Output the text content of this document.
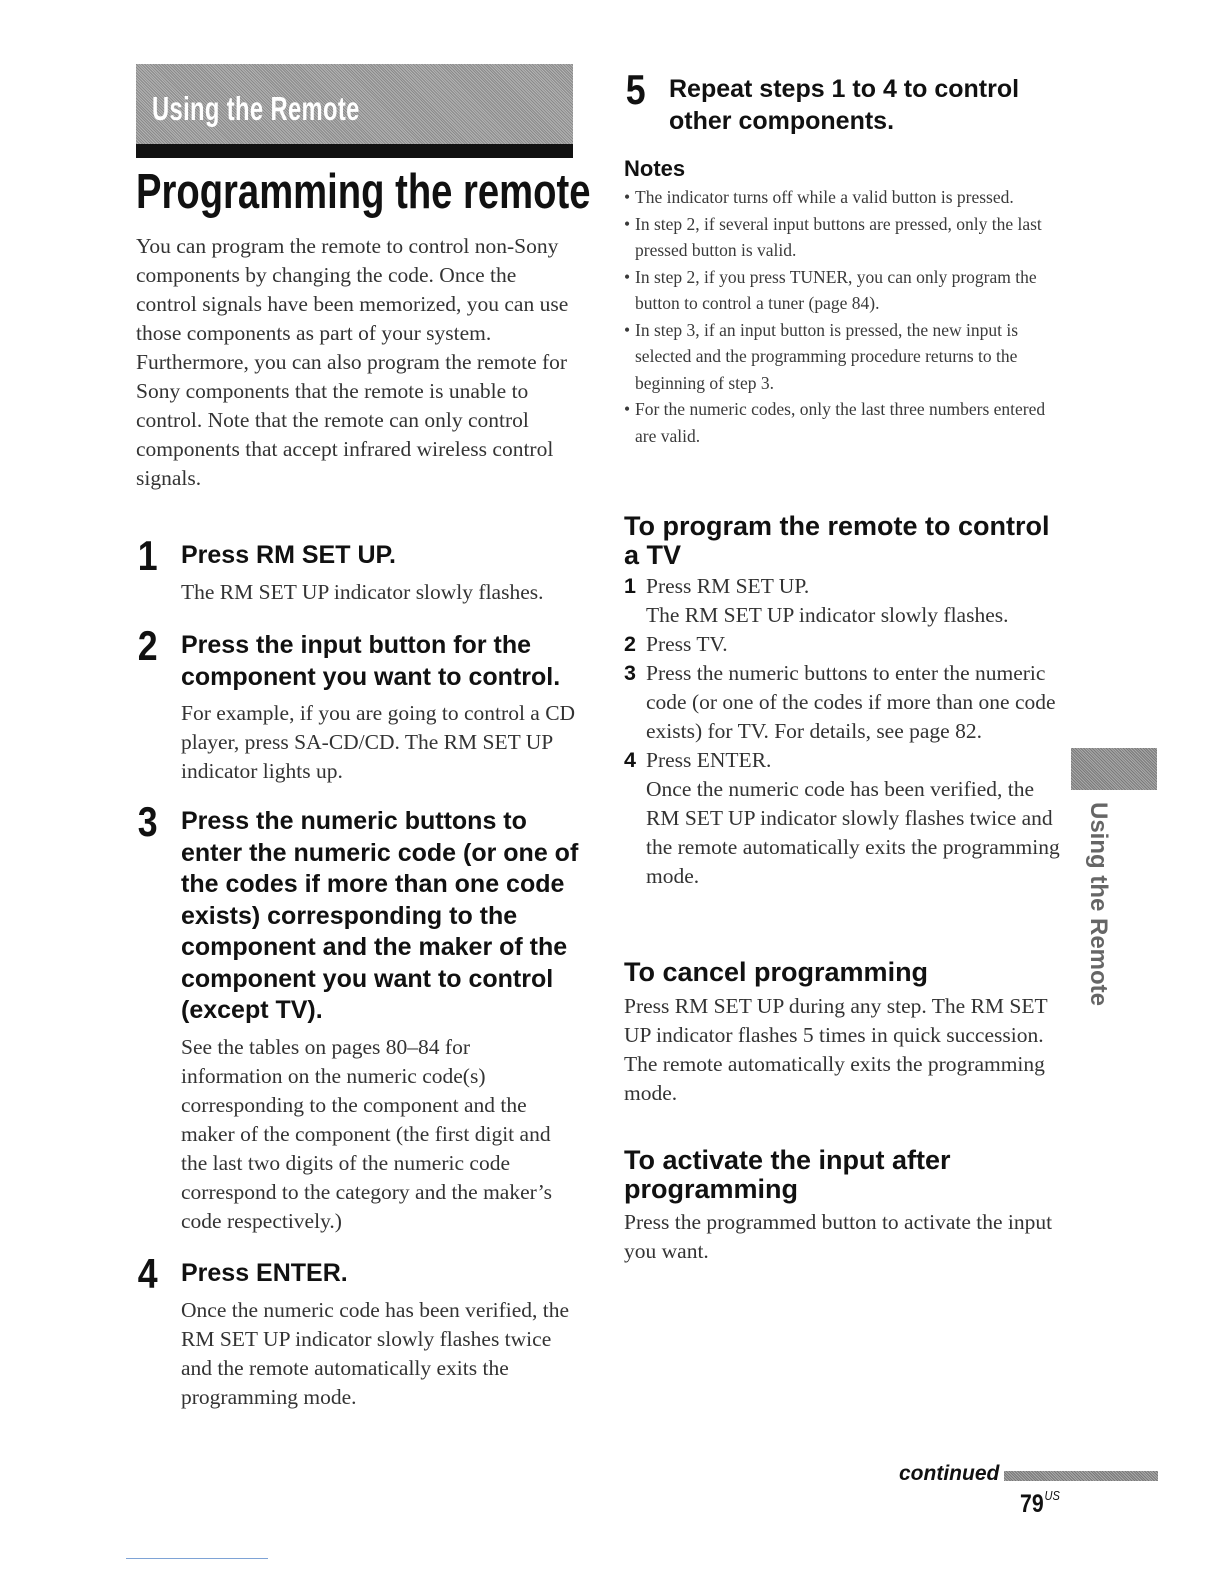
Using the Remote
Programming the remote

You can program the remote to control non-Sony components by changing the code. Once the control signals have been memorized, you can use those components as part of your system.

Furthermore, you can also program the remote for Sony components that the remote is unable to control. Note that the remote can only control components that accept infrared wireless control signals.

1 Press RM SET UP.

The RM SET UP indicator slowly flashes.

2 Press the input button for the component you want to control.

For example, if you are going to control a CD player, press SA-CD/CD. The RM SET UP indicator lights up.

3 Press the numeric buttons to enter the numeric code (or one of the codes if more than one code exists) corresponding to the component and the maker of the component you want to control (except TV).

See the tables on pages 80–84 for information on the numeric code(s) corresponding to the component and the maker of the component (the first digit and the last two digits of the numeric code correspond to the category and the maker’s code respectively.)

4 Press ENTER.

Once the numeric code has been verified, the RM SET UP indicator slowly flashes twice and the remote automatically exits the programming mode.

5 Repeat steps 1 to 4 to control other components.

Notes
• The indicator turns off while a valid button is pressed.
• In step 2, if several input buttons are pressed, only the last pressed button is valid.
• In step 2, if you press TUNER, you can only program the button to control a tuner (page 84).
• In step 3, if an input button is pressed, the new input is selected and the programming procedure returns to the beginning of step 3.
• For the numeric codes, only the last three numbers entered are valid.
To program the remote to control a TV
1 Press RM SET UP.
The RM SET UP indicator slowly flashes.
2 Press TV.
3 Press the numeric buttons to enter the numeric code (or one of the codes if more than one code exists) for TV. For details, see page 82.
4 Press ENTER.
Once the numeric code has been verified, the RM SET UP indicator slowly flashes twice and the remote automatically exits the programming mode.
To cancel programming

Press RM SET UP during any step. The RM SET UP indicator flashes 5 times in quick succession. The remote automatically exits the programming mode.

To activate the input after programming

Press the programmed button to activate the input you want.

Using the Remote
continued
$79^{US}$
